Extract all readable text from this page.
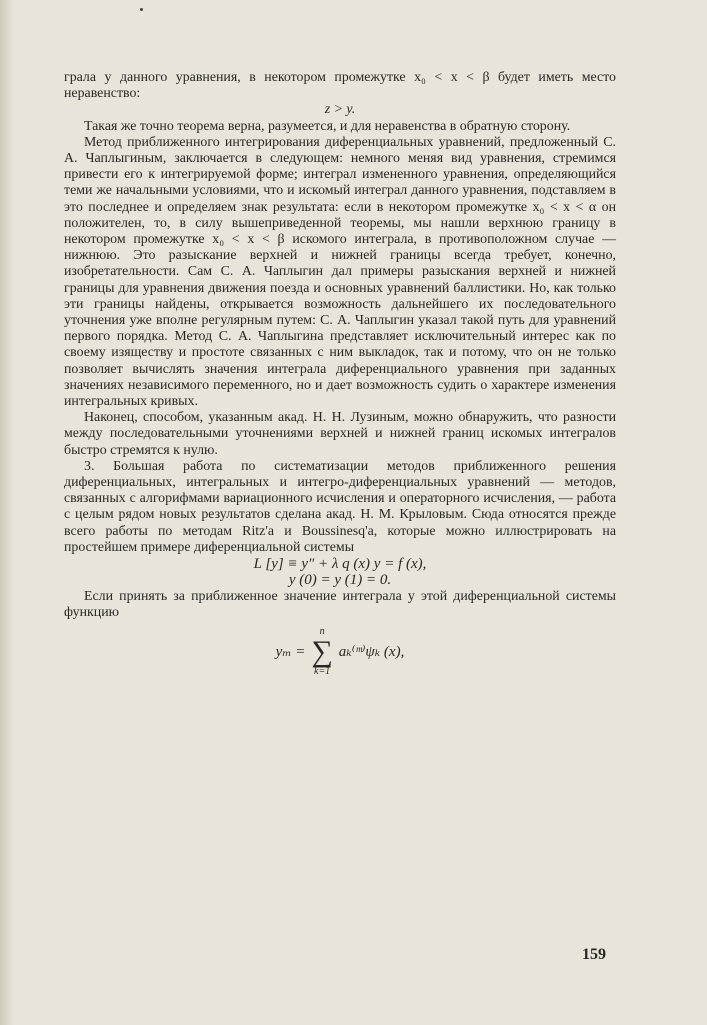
грала y данного уравнения, в некотором промежутке x₀ < x < β будет иметь место неравенство:

z > y.

Такая же точно теорема верна, разумеется, и для неравенства в обратную сторону.

Метод приближенного интегрирования диференциальных уравнений, предложенный С. А. Чаплыгиным, заключается в следующем: немного меняя вид уравнения, стремимся привести его к интегрируемой форме; интеграл измененного уравнения, определяющийся теми же начальными условиями, что и искомый интеграл данного уравнения, подставляем в это последнее и определяем знак результата: если в некотором промежутке x₀ < x < α он положителен, то, в силу вышеприведенной теоремы, мы нашли верхнюю границу в некотором промежутке x₀ < x < β искомого интеграла, в противоположном случае — нижнюю. Это разыскание верхней и нижней границы всегда требует, конечно, изобретательности. Сам С. А. Чаплыгин дал примеры разыскания верхней и нижней границы для уравнения движения поезда и основных уравнений баллистики. Но, как только эти границы найдены, открывается возможность дальнейшего их последовательного уточнения уже вполне регулярным путем: С. А. Чаплыгин указал такой путь для уравнений первого порядка. Метод С. А. Чаплыгина представляет исключительный интерес как по своему изяществу и простоте связанных с ним выкладок, так и потому, что он не только позволяет вычислять значения интеграла диференциального уравнения при заданных значениях независимого переменного, но и дает возможность судить о характере изменения интегральных кривых.

Наконец, способом, указанным акад. Н. Н. Лузиным, можно обнаружить, что разности между последовательными уточнениями верхней и нижней границ искомых интегралов быстро стремятся к нулю.

3. Большая работа по систематизации методов приближенного решения диференциальных, интегральных и интегро-диференциальных уравнений — методов, связанных с алгорифмами вариационного исчисления и операторного исчисления, — работа с целым рядом новых результатов сделана акад. Н. М. Крыловым. Сюда относятся прежде всего работы по методам Ritz'a и Boussinesq'a, которые можно иллюстрировать на простейшем примере диференциальной системы

L [y] ≡ y″ + λ q (x) y = f (x),

y (0) = y (1) = 0.

Если принять за приближенное значение интеграла y этой диференциальной системы функцию

yₘ =
n
∑
k=1
aₖ⁽ᵐ⁾ψₖ (x),
159
